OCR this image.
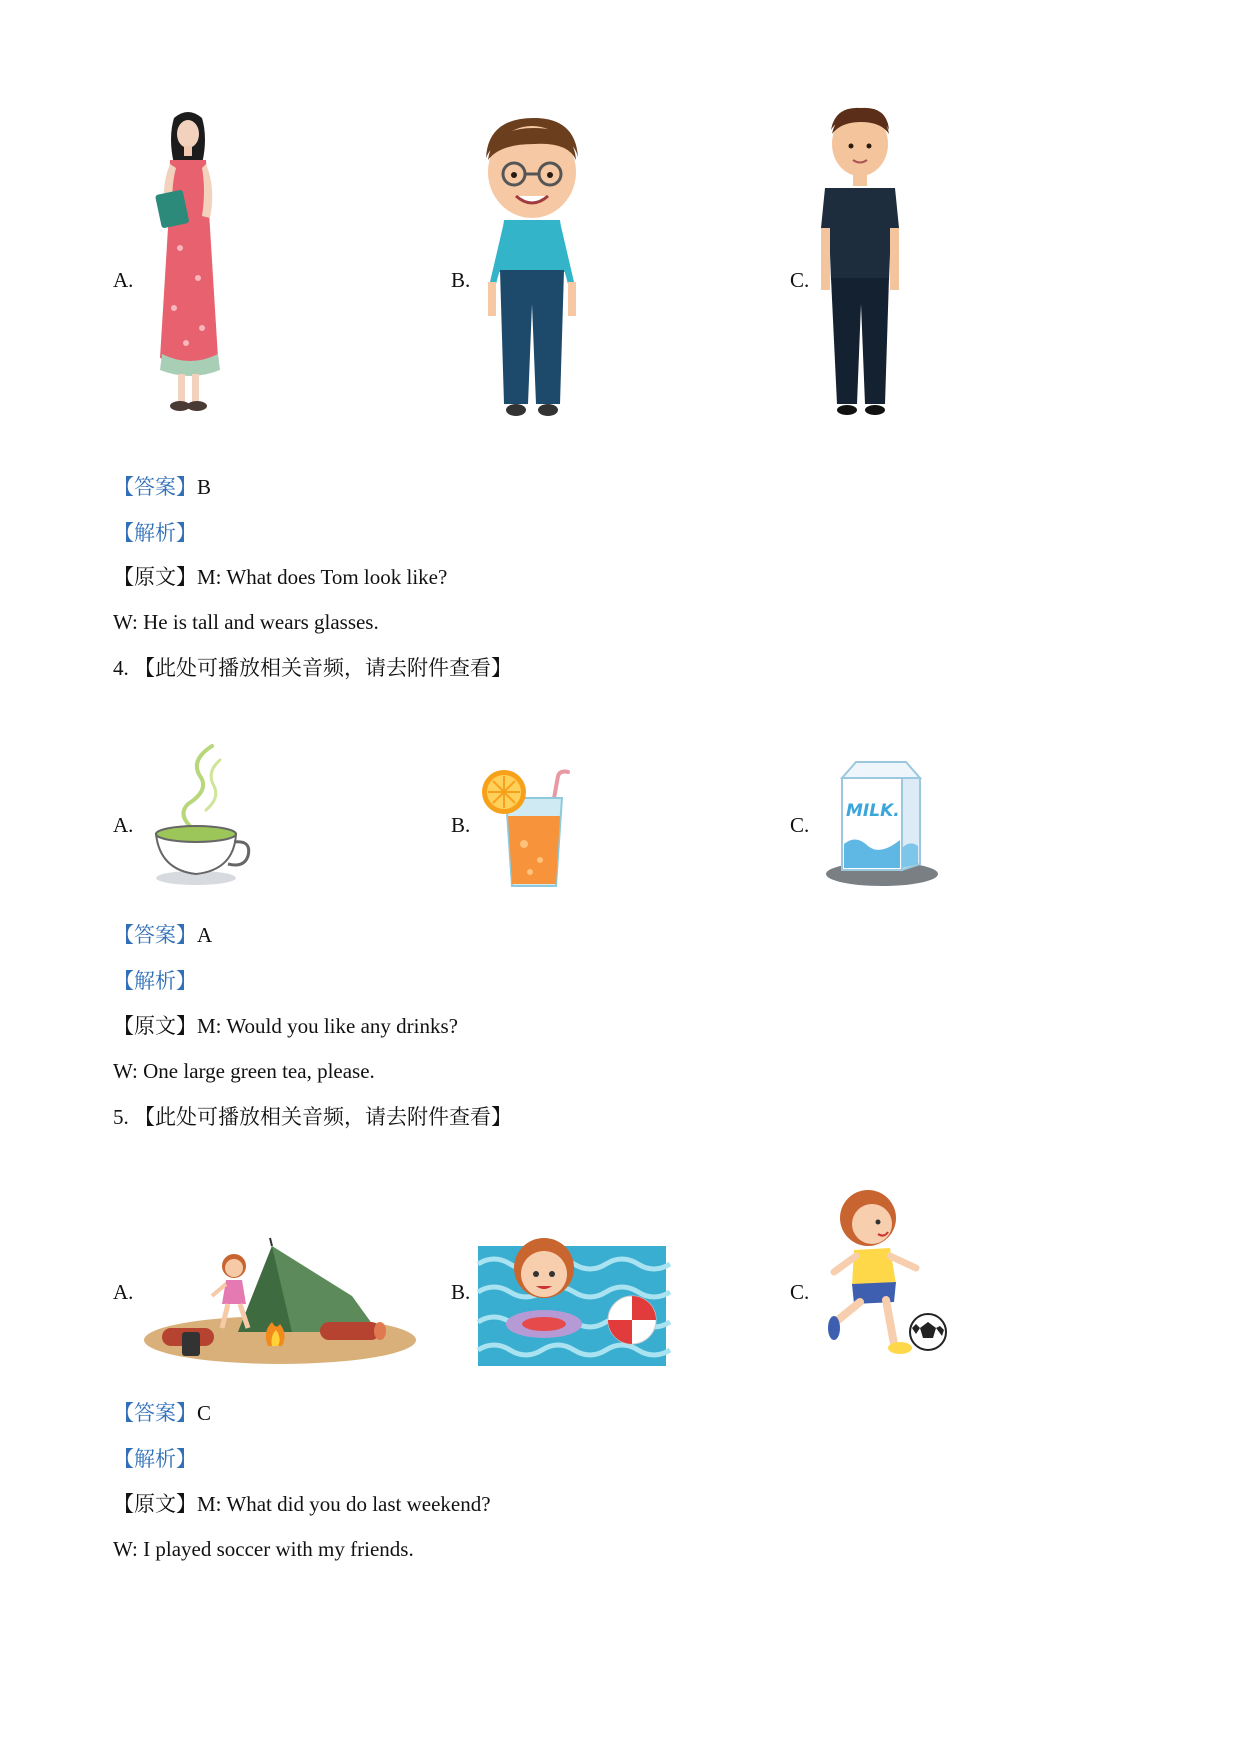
A.	B.	C.
【答案】B
【解析】
【原文】M: What does Tom look like?
W: He is tall and wears glasses.
4. 【此处可播放相关音频，请去附件查看】
A.	B.	C.
MILK.
【答案】A
【解析】
【原文】M: Would you like any drinks?
W: One large green tea, please.
5. 【此处可播放相关音频，请去附件查看】
A.	B.	C.
【答案】C
【解析】
【原文】M: What did you do last weekend?
W: I played soccer with my friends.
